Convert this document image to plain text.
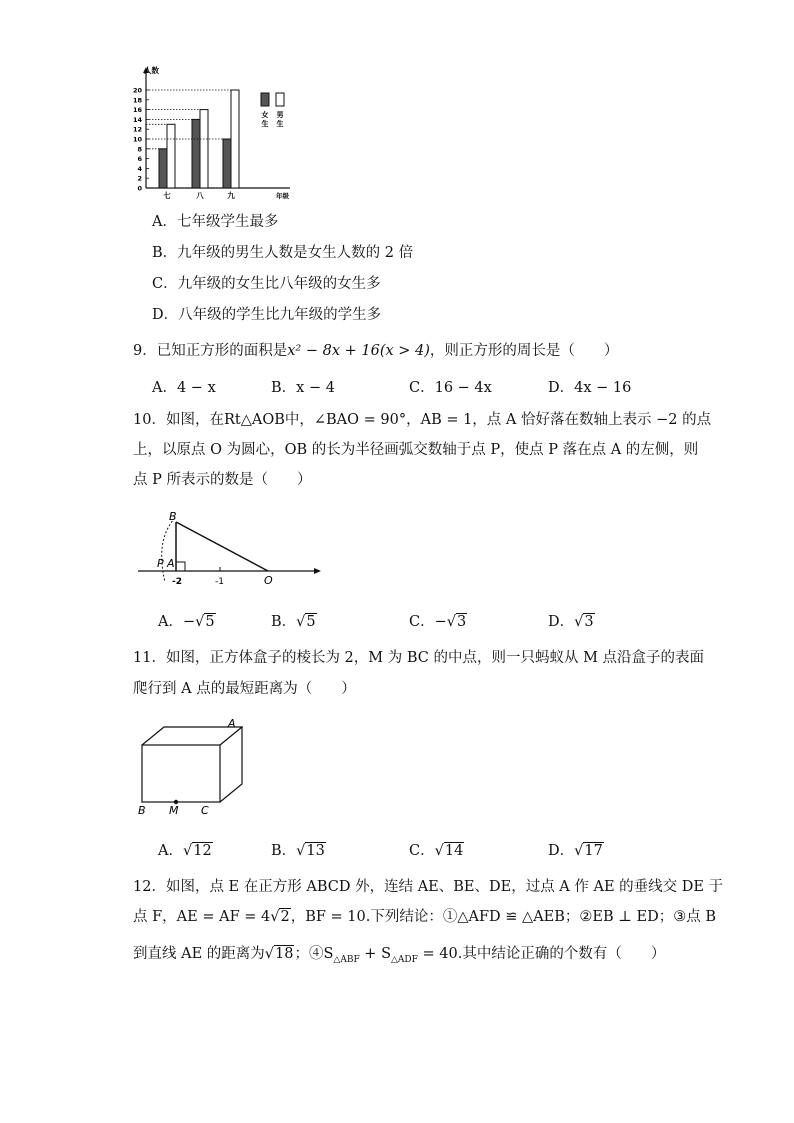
0
2
4
6
8
10
12
14
16
18
20
人数
年级
七	八	九
女
生
男
生
A．七年级学生最多
B．九年级的男生人数是女生人数的 2 倍
C．九年级的女生比八年级的女生多
D．八年级的学生比九年级的学生多
9．已知正方形的面积是x² − 8x + 16(x > 4)，则正方形的周长是（　　）
A．4 − x	B．x − 4	C．16 − 4x	D．4x − 16
10．如图，在Rt△AOB中，∠BAO = 90°，AB = 1，点 A 恰好落在数轴上表示 −2 的点
上，以原点 O 为圆心，OB 的长为半径画弧交数轴于点 P，使点 P 落在点 A 的左侧，则
点 P 所表示的数是（　　）
B
P A
O
-2	-1
A．−√5	B．√5	C．−√3	D．√3
11．如图，正方体盒子的棱长为 2，M 为 BC 的中点，则一只蚂蚁从 M 点沿盒子的表面
爬行到 A 点的最短距离为（　　）
A
B M C
A．√12	B．√13	C．√14	D．√17
12．如图，点 E 在正方形 ABCD 外，连结 AE、BE、DE，过点 A 作 AE 的垂线交 DE 于
点 F，AE = AF = 4√2，BF = 10.下列结论：①△AFD ≌ △AEB；②EB ⊥ ED；③点 B
到直线 AE 的距离为√18；$④S_{\triangle ABF} + S_{\triangle ADF} = 40$.其中结论正确的个数有（　　）
